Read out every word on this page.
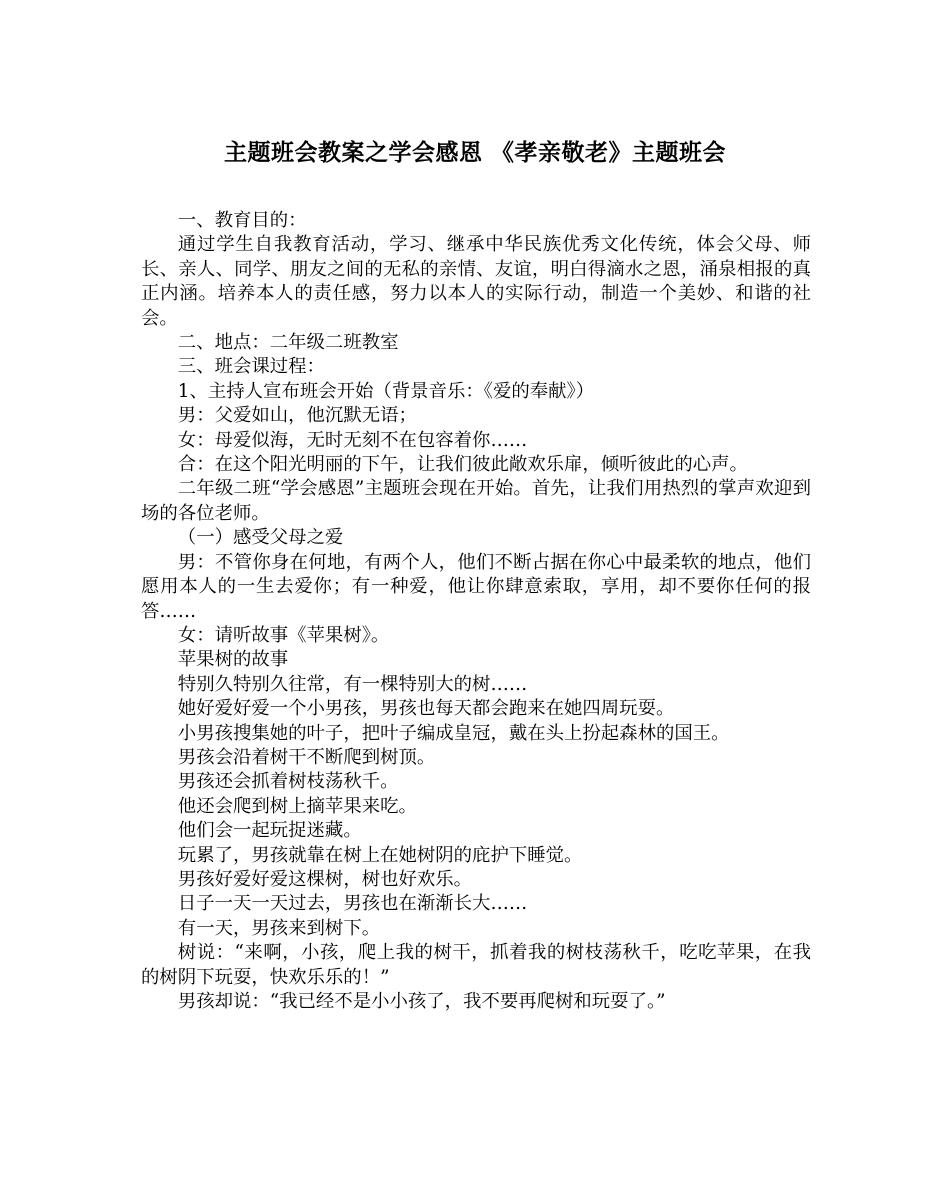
主题班会教案之学会感恩 《孝亲敬老》主题班会

一、教育目的：

通过学生自我教育活动，学习、继承中华民族优秀文化传统，体会父母、师长、亲人、同学、朋友之间的无私的亲情、友谊，明白得滴水之恩，涌泉相报的真正内涵。培养本人的责任感，努力以本人的实际行动，制造一个美妙、和谐的社会。

二、地点：二年级二班教室

三、班会课过程：

1、主持人宣布班会开始（背景音乐：《爱的奉献》）

男：父爱如山，他沉默无语；

女：母爱似海，无时无刻不在包容着你……

合：在这个阳光明丽的下午，让我们彼此敞欢乐扉，倾听彼此的心声。

二年级二班“学会感恩”主题班会现在开始。首先，让我们用热烈的掌声欢迎到场的各位老师。

（一）感受父母之爱

男：不管你身在何地，有两个人，他们不断占据在你心中最柔软的地点，他们愿用本人的一生去爱你；有一种爱，他让你肆意索取，享用，却不要你任何的报答……

女：请听故事《苹果树》。

苹果树的故事

特别久特别久往常，有一棵特别大的树……

她好爱好爱一个小男孩，男孩也每天都会跑来在她四周玩耍。

小男孩搜集她的叶子，把叶子编成皇冠，戴在头上扮起森林的国王。

男孩会沿着树干不断爬到树顶。

男孩还会抓着树枝荡秋千。

他还会爬到树上摘苹果来吃。

他们会一起玩捉迷藏。

玩累了，男孩就靠在树上在她树阴的庇护下睡觉。

男孩好爱好爱这棵树，树也好欢乐。

日子一天一天过去，男孩也在渐渐长大……

有一天，男孩来到树下。

树说：“来啊，小孩，爬上我的树干，抓着我的树枝荡秋千，吃吃苹果，在我的树阴下玩耍，快欢乐乐的！”

男孩却说：“我已经不是小小孩了，我不要再爬树和玩耍了。”
